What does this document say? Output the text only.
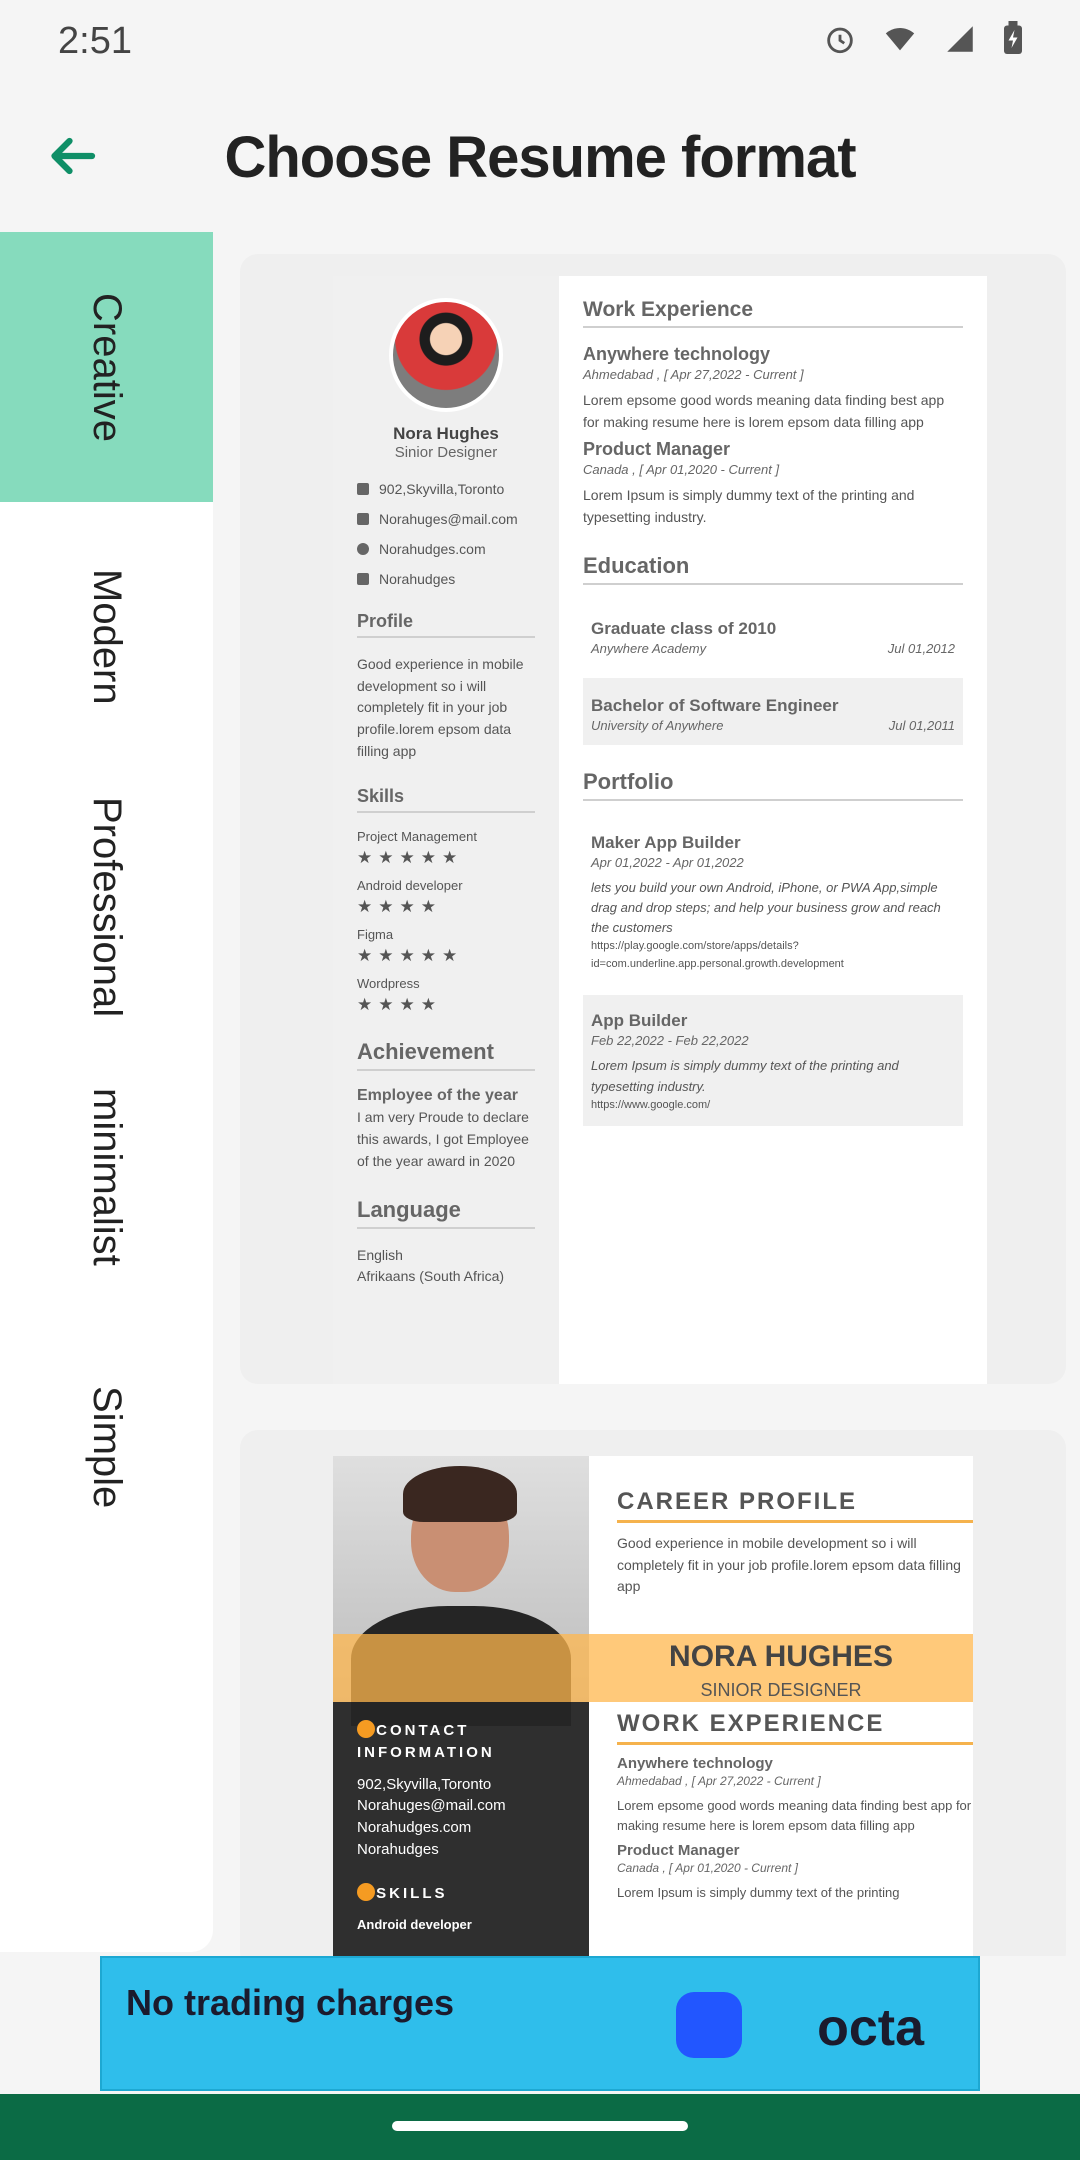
2:51
Choose Resume format
Creative
Modern
Professional
minimalist
Simple
Nora Hughes
Sinior Designer
902,Skyvilla,Toronto
Norahuges@mail.com
Norahudges.com
Norahudges
Profile
Good experience in mobile development so i will completely fit in your job profile.lorem epsom data filling app
Skills
Project Management
★★★★★
Android developer
★★★★
Figma
★★★★★
Wordpress
★★★★
Achievement
Employee of the year
I am very Proude to declare this awards, I got Employee of the year award in 2020
Language
English
Afrikaans (South Africa)
Work Experience
Anywhere technology
Ahmedabad , [ Apr 27,2022 - Current ]
Lorem epsome good words meaning data finding best app for making resume here is lorem epsom data filling app
Product Manager
Canada , [ Apr 01,2020 - Current ]
Lorem Ipsum is simply dummy text of the printing and typesetting industry.
Education
Graduate class of 2010
Anywhere Academy	Jul 01,2012
Bachelor of Software Engineer
University of Anywhere	Jul 01,2011
Portfolio
Maker App Builder
Apr 01,2022 - Apr 01,2022
lets you build your own Android, iPhone, or PWA App,simple drag and drop steps; and help your business grow and reach the customers
https://play.google.com/store/apps/details?id=com.underline.app.personal.growth.development
App Builder
Feb 22,2022 - Feb 22,2022
Lorem Ipsum is simply dummy text of the printing and typesetting industry.
https://www.google.com/
CONTACT INFORMATION
902,Skyvilla,Toronto
Norahuges@mail.com
Norahudges.com
Norahudges
SKILLS
Android developer
NORA HUGHES
SINIOR DESIGNER
CAREER PROFILE
Good experience in mobile development so i will completely fit in your job profile.lorem epsom data filling app
WORK EXPERIENCE
Anywhere technology
Ahmedabad , [ Apr 27,2022 - Current ]
Lorem epsome good words meaning data finding best app for making resume here is lorem epsom data filling app
Product Manager
Canada , [ Apr 01,2020 - Current ]
Lorem Ipsum is simply dummy text of the printing
No trading charges	octa
